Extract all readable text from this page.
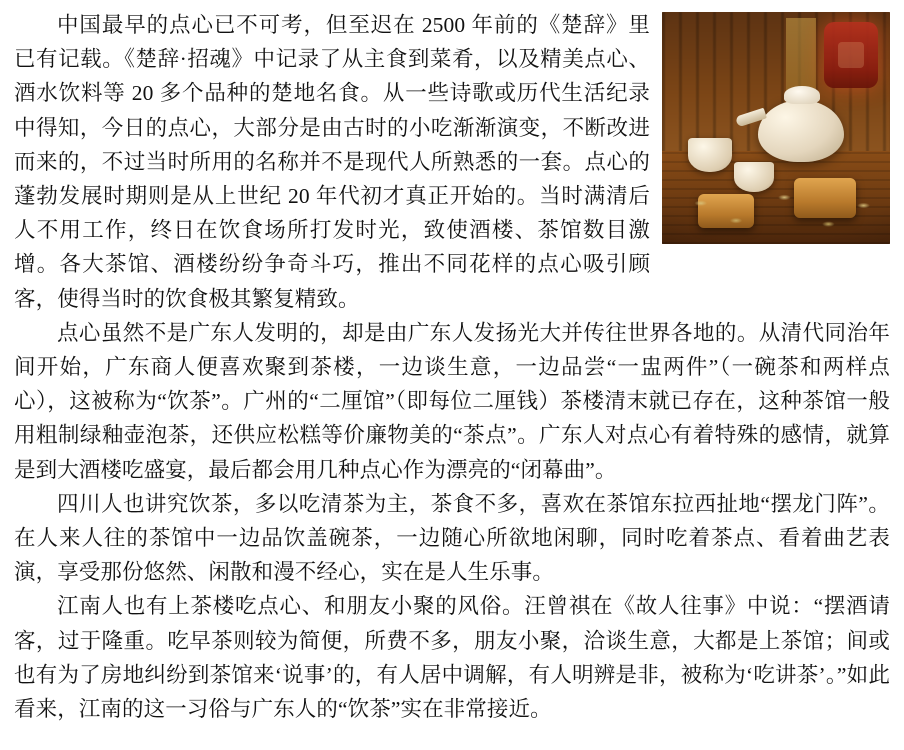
中国最早的点心已不可考，但至迟在 2500 年前的《楚辞》里已有记载。《楚辞·招魂》中记录了从主食到菜肴，以及精美点心、酒水饮料等 20 多个品种的楚地名食。从一些诗歌或历代生活纪录中得知，今日的点心，大部分是由古时的小吃渐渐演变，不断改进而来的，不过当时所用的名称并不是现代人所熟悉的一套。点心的蓬勃发展时期则是从上世纪 20 年代初才真正开始的。当时满清后人不用工作，终日在饮食场所打发时光，致使酒楼、茶馆数目激增。各大茶馆、酒楼纷纷争奇斗巧，推出不同花样的点心吸引顾客，使得当时的饮食极其繁复精致。

点心虽然不是广东人发明的，却是由广东人发扬光大并传往世界各地的。从清代同治年间开始，广东商人便喜欢聚到茶楼，一边谈生意，一边品尝“一盅两件”（一碗茶和两样点心），这被称为“饮茶”。广州的“二厘馆”（即每位二厘钱）茶楼清末就已存在，这种茶馆一般用粗制绿釉壶泡茶，还供应松糕等价廉物美的“茶点”。广东人对点心有着特殊的感情，就算是到大酒楼吃盛宴，最后都会用几种点心作为漂亮的“闭幕曲”。

四川人也讲究饮茶，多以吃清茶为主，茶食不多，喜欢在茶馆东拉西扯地“摆龙门阵”。在人来人往的茶馆中一边品饮盖碗茶，一边随心所欲地闲聊，同时吃着茶点、看着曲艺表演，享受那份悠然、闲散和漫不经心，实在是人生乐事。

江南人也有上茶楼吃点心、和朋友小聚的风俗。汪曾祺在《故人往事》中说：“摆酒请客，过于隆重。吃早茶则较为简便，所费不多，朋友小聚，洽谈生意，大都是上茶馆；间或也有为了房地纠纷到茶馆来‘说事’的，有人居中调解，有人明辨是非，被称为‘吃讲茶’。”如此看来，江南的这一习俗与广东人的“饮茶”实在非常接近。
